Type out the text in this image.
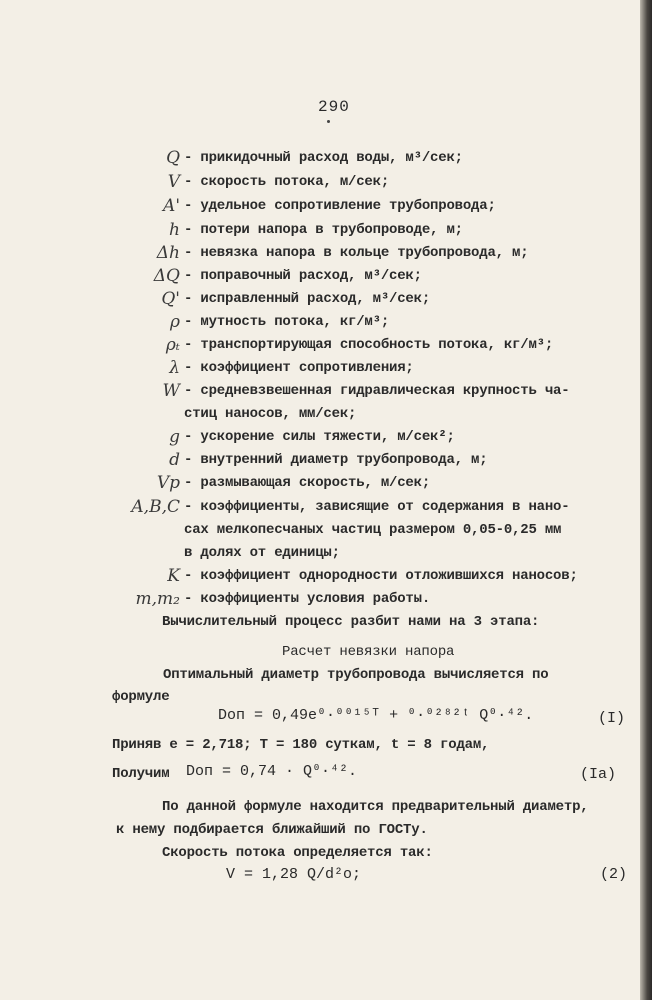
290
Q - прикидочный расход воды, м³/сек;
V - скорость потока, м/сек;
A' - удельное сопротивление трубопровода;
h - потери напора в трубопроводе, м;
Δh - невязка напора в кольце трубопровода, м;
ΔQ - поправочный расход, м³/сек;
Q' - исправленный расход, м³/сек;
ρ - мутность потока, кг/м³;
ρₜ - транспортирующая способность потока, кг/м³;
λ - коэффициент сопротивления;
W - средневзвешенная гидравлическая крупность ча-
стиц наносов, мм/сек;
g - ускорение силы тяжести, м/сек²;
d - внутренний диаметр трубопровода, м;
Vр - размывающая скорость, м/сек;
A,B,C - коэффициенты, зависящие от содержания в нано-
сах мелкопесчаных частиц размером 0,05-0,25 мм
в долях от единицы;
K - коэффициент однородности отложившихся наносов;
m,m₂ - коэффициенты условия работы.
Вычислительный процесс разбит нами на 3 этапа:
Расчет невязки напора
Оптимальный диаметр трубопровода вычисляется по
формуле
Dоп = 0,49e⁰·⁰⁰¹⁵ᵀ + ⁰·⁰²⁸²ᵗ Q⁰·⁴².	(I)
Приняв e = 2,718; T = 180 суткам, t = 8 годам,
Получим Dоп = 0,74 · Q⁰·⁴².	(Iа)
По данной формуле находится предварительный диаметр,
к нему подбирается ближайший по ГОСТу.
Скорость потока определяется так:
V = 1,28 Q/d²о;	(2)
